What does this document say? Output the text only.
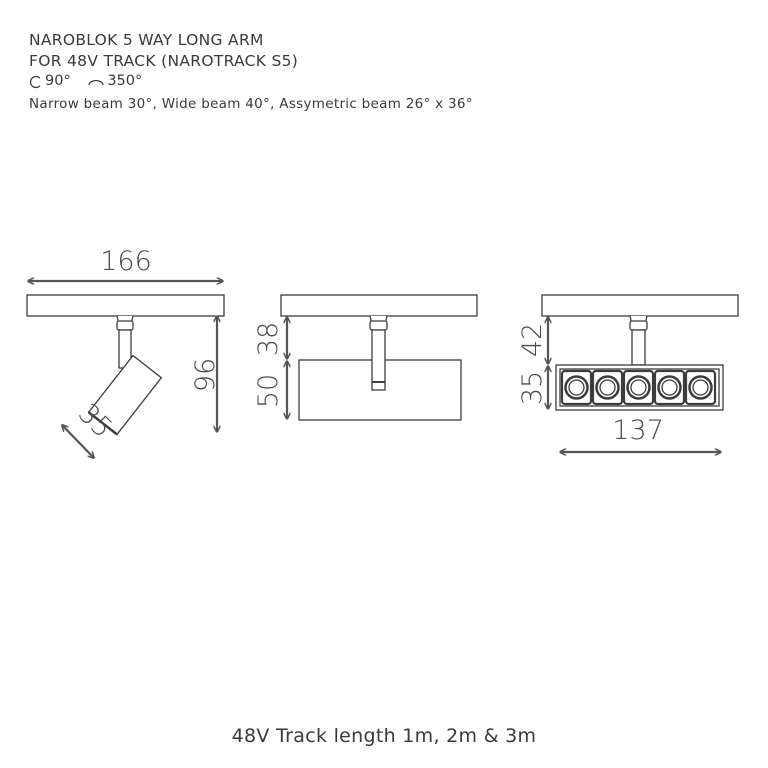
NAROBLOK 5 WAY LONG ARM
FOR 48V TRACK (NAROTRACK S5)
90°
	350°
Narrow beam 30°, Wide beam 40°, Assymetric beam 26° x 36°
166
96
35
38
50
42
35
137
48V Track length 1m, 2m & 3m
